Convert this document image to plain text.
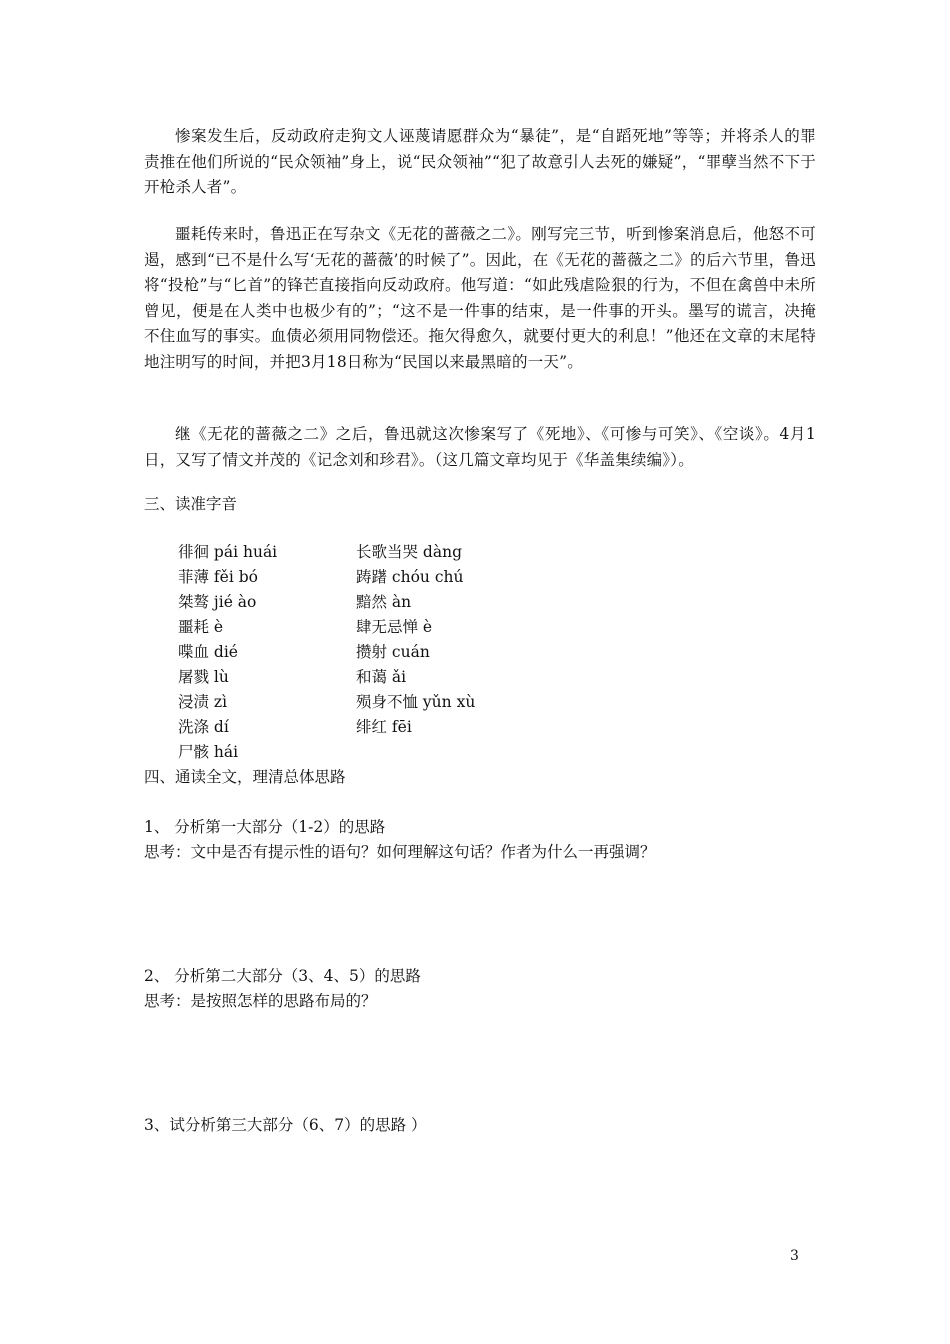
惨案发生后，反动政府走狗文人诬蔑请愿群众为“暴徒”，是“自蹈死地”等等；并将杀人的罪责推在他们所说的“民众领袖”身上，说“民众领袖”“犯了故意引人去死的嫌疑”，“罪孽当然不下于开枪杀人者”。

噩耗传来时，鲁迅正在写杂文《无花的蔷薇之二》。刚写完三节，听到惨案消息后，他怒不可遏，感到“已不是什么写‘无花的蔷薇’的时候了”。因此，在《无花的蔷薇之二》的后六节里，鲁迅将“投枪”与“匕首”的锋芒直接指向反动政府。他写道：“如此残虐险狠的行为，不但在禽兽中未所曾见，便是在人类中也极少有的”；“这不是一件事的结束，是一件事的开头。墨写的谎言，决掩不住血写的事实。血债必须用同物偿还。拖欠得愈久，就要付更大的利息！”他还在文章的末尾特地注明写的时间，并把3月18日称为“民国以来最黑暗的一天”。

继《无花的蔷薇之二》之后，鲁迅就这次惨案写了《死地》、《可惨与可笑》、《空谈》。4月1日，又写了情文并茂的《记念刘和珍君》。（这几篇文章均见于《华盖集续编》）。

三、读准字音
徘徊 pái huái
菲薄 fěi bó
桀骜 jié ào
噩耗 è
喋血 dié
屠戮 lù
浸渍 zì
洗涤 dí
尸骸 hái
长歌当哭 dàng
踌躇 chóu chú
黯然 àn
肆无忌惮 è
攒射 cuán
和蔼 ǎi
殒身不恤 yǔn xù
绯红 fēi
四、通读全文，理清总体思路
1、 分析第一大部分（1-2）的思路
思考：文中是否有提示性的语句？如何理解这句话？作者为什么一再强调？
2、 分析第二大部分（3、4、5）的思路
思考：是按照怎样的思路布局的？
3、试分析第三大部分（6、7）的思路 ）
3
